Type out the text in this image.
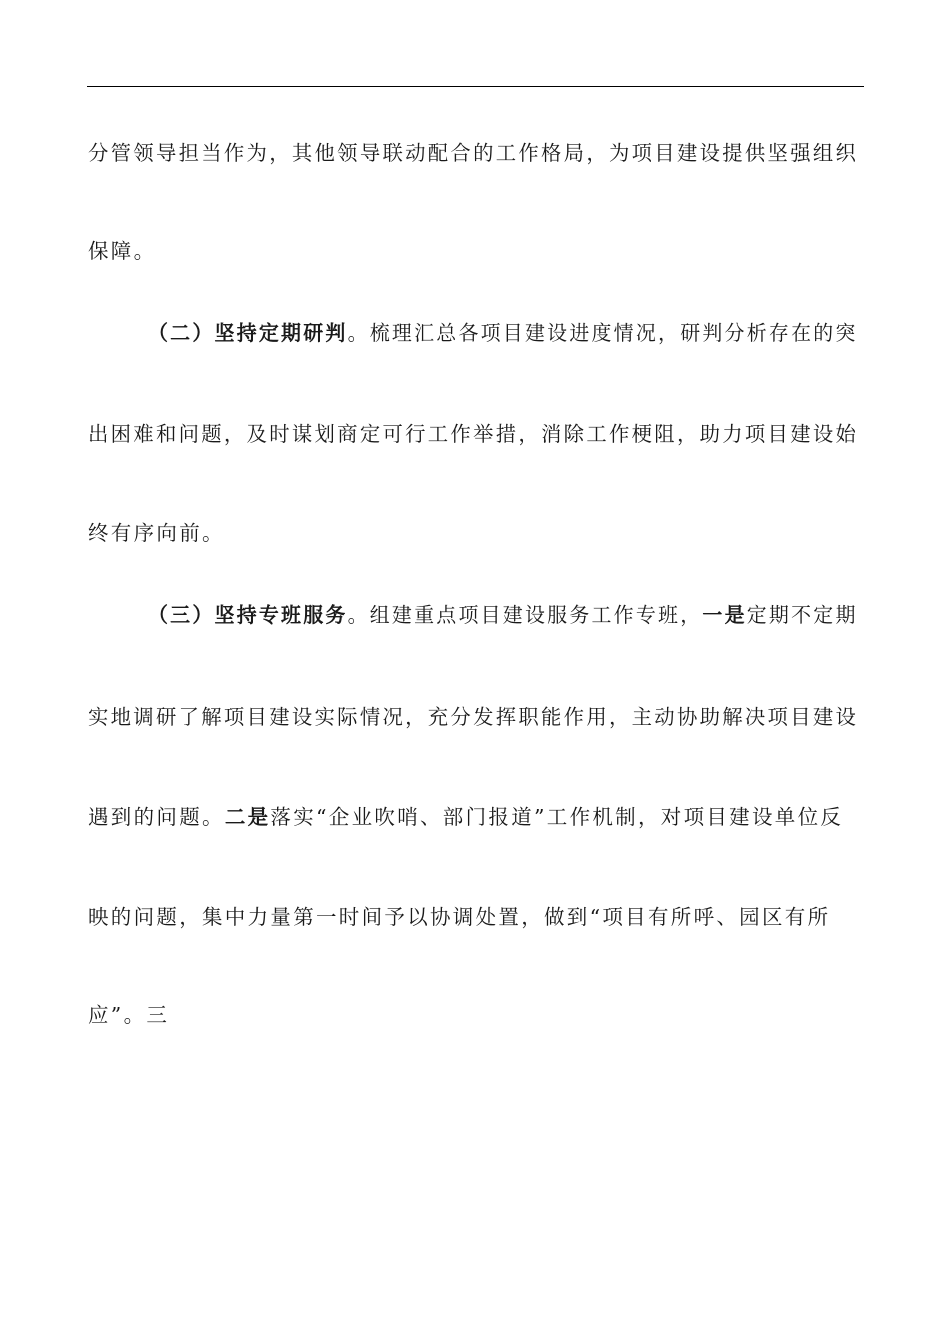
分管领导担当作为，其他领导联动配合的工作格局，为项目建设提供坚强组织
保障。
（二）坚持定期研判。梳理汇总各项目建设进度情况，研判分析存在的突
出困难和问题，及时谋划商定可行工作举措，消除工作梗阻，助力项目建设始
终有序向前。
（三）坚持专班服务。组建重点项目建设服务工作专班，一是定期不定期
实地调研了解项目建设实际情况，充分发挥职能作用，主动协助解决项目建设
遇到的问题。二是落实“企业吹哨、部门报道”工作机制，对项目建设单位反
映的问题，集中力量第一时间予以协调处置，做到“项目有所呼、园区有所
应”。三
